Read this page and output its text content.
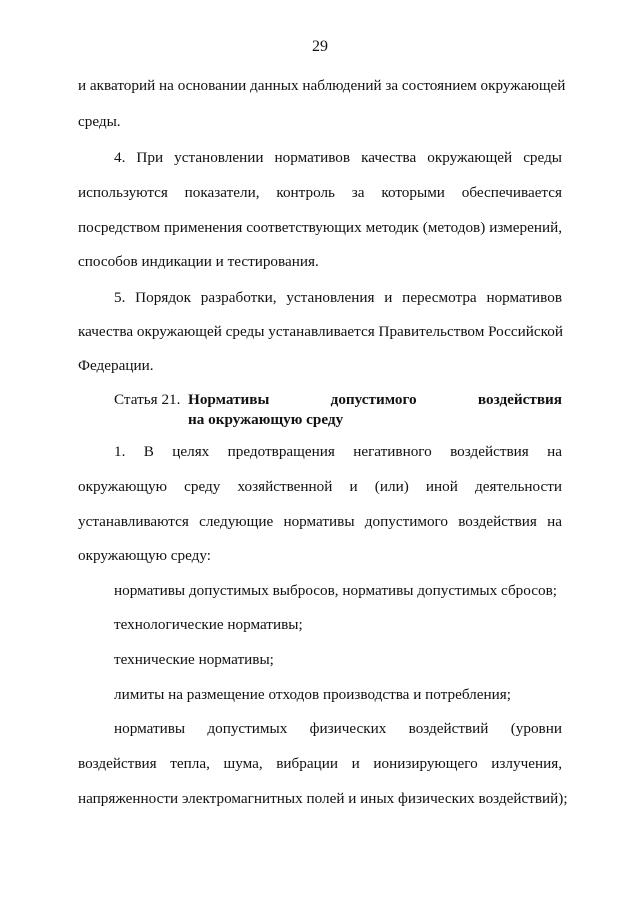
29
и акваторий на основании данных наблюдений за состоянием окружающей
среды.
4. При установлении нормативов качества окружающей среды
используются показатели, контроль за которыми обеспечивается
посредством применения соответствующих методик (методов) измерений,
способов индикации и тестирования.
5. Порядок разработки, установления и пересмотра нормативов
качества окружающей среды устанавливается Правительством Российской
Федерации.
Статья 21. Нормативы допустимого воздействия
на окружающую среду
1. В целях предотвращения негативного воздействия на
окружающую среду хозяйственной и (или) иной деятельности
устанавливаются следующие нормативы допустимого воздействия на
окружающую среду:
нормативы допустимых выбросов, нормативы допустимых сбросов;
технологические нормативы;
технические нормативы;
лимиты на размещение отходов производства и потребления;
нормативы допустимых физических воздействий (уровни
воздействия тепла, шума, вибрации и ионизирующего излучения,
напряженности электромагнитных полей и иных физических воздействий);
